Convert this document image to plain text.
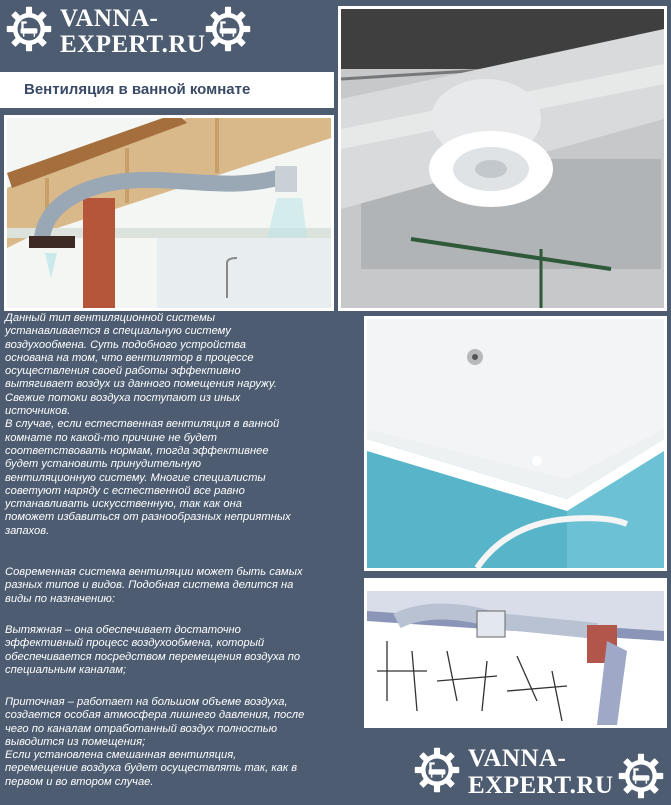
VANNA-
EXPERT.RU
Вентиляция в ванной комнате
Данный тип вентиляционной системы
устанавливается в специальную систему
воздухообмена. Суть подобного устройства
основана на том, что вентилятор в процессе
осуществления своей работы эффективно
вытягивает воздух из данного помещения наружу.
Свежие потоки воздуха поступают из иных
источников.
В случае, если естественная вентиляция в ванной
комнате по какой-то причине не будет
соответствовать нормам, тогда эффективнее
будет установить принудительную
вентиляционную систему. Многие специалисты
советуют наряду с естественной все равно
устанавливать искусственную, так как она
поможет избавиться от разнообразных неприятных
запахов.
Современная система вентиляции может быть самых
разных типов и видов. Подобная система делится на
виды по назначению:
Вытяжная – она обеспечивает достаточно
эффективный процесс воздухообмена, который
обеспечивается посредством перемещения воздуха по
специальным каналам;
Приточная – работает на большом объеме воздуха,
создается особая атмосфера лишнего давления, после
чего по каналам отработанный воздух полностью
выводится из помещения;
Если установлена смешанная вентиляция,
перемещение воздуха будет осуществлять так, как в
первом и во втором случае.
VANNA-
EXPERT.RU
